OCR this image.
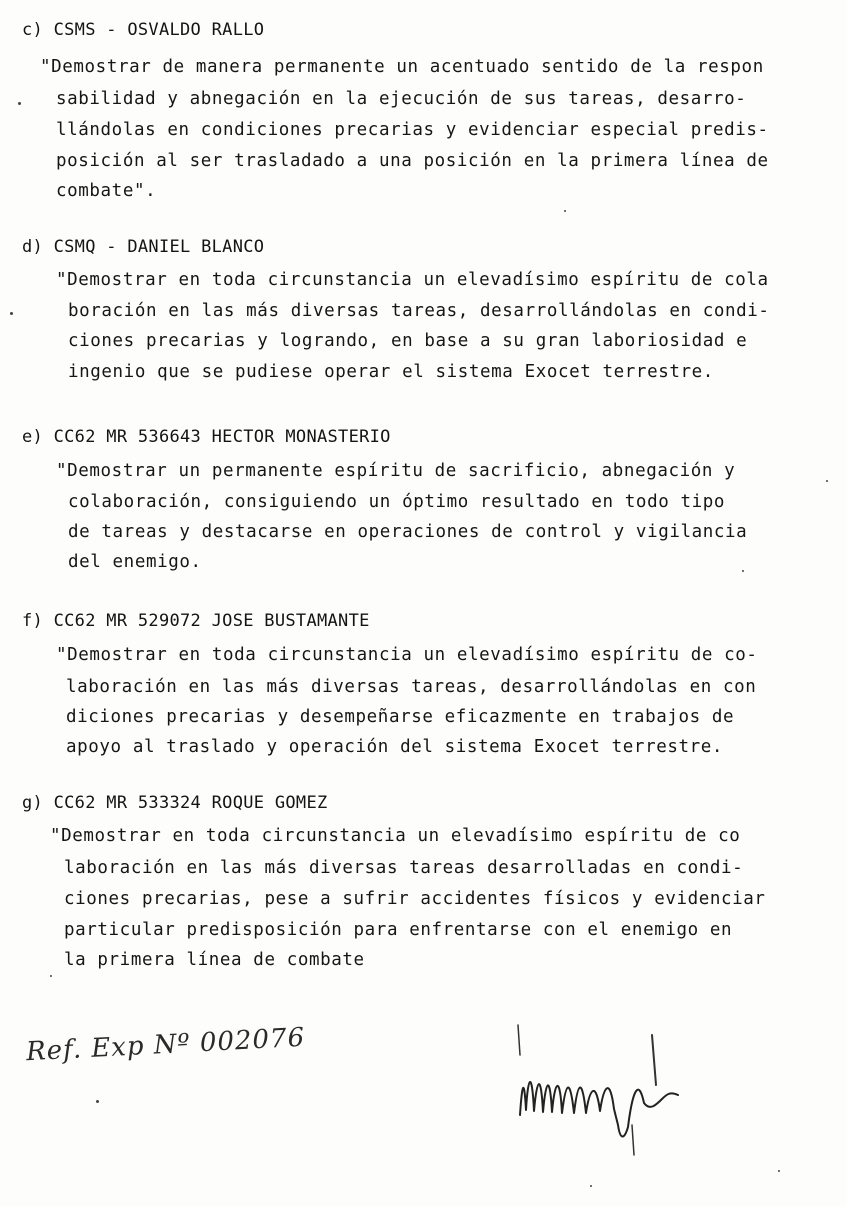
c) CSMS - OSVALDO RALLO
"Demostrar de manera permanente un acentuado sentido de la respon
sabilidad y abnegación en la ejecución de sus tareas, desarro-
llándolas en condiciones precarias y evidenciar especial predis-
posición al ser trasladado a una posición en la primera línea de
combate".
d) CSMQ - DANIEL BLANCO
"Demostrar en toda circunstancia un elevadísimo espíritu de cola
boración en las más diversas tareas, desarrollándolas en condi-
ciones precarias y logrando, en base a su gran laboriosidad e
ingenio que se pudiese operar el sistema Exocet terrestre.
e) CC62 MR 536643 HECTOR MONASTERIO
"Demostrar un permanente espíritu de sacrificio, abnegación y
colaboración, consiguiendo un óptimo resultado en todo tipo
de tareas y destacarse en operaciones de control y vigilancia
del enemigo.
f) CC62 MR 529072 JOSE BUSTAMANTE
"Demostrar en toda circunstancia un elevadísimo espíritu de co-
laboración en las más diversas tareas, desarrollándolas en con
diciones precarias y desempeñarse eficazmente en trabajos de
apoyo al traslado y operación del sistema Exocet terrestre.
g) CC62 MR 533324 ROQUE GOMEZ
"Demostrar en toda circunstancia un elevadísimo espíritu de co
laboración en las más diversas tareas desarrolladas en condi-
ciones precarias, pese a sufrir accidentes físicos y evidenciar
particular predisposición para enfrentarse con el enemigo en
la primera línea de combate
Ref. Exp Nº 002076
